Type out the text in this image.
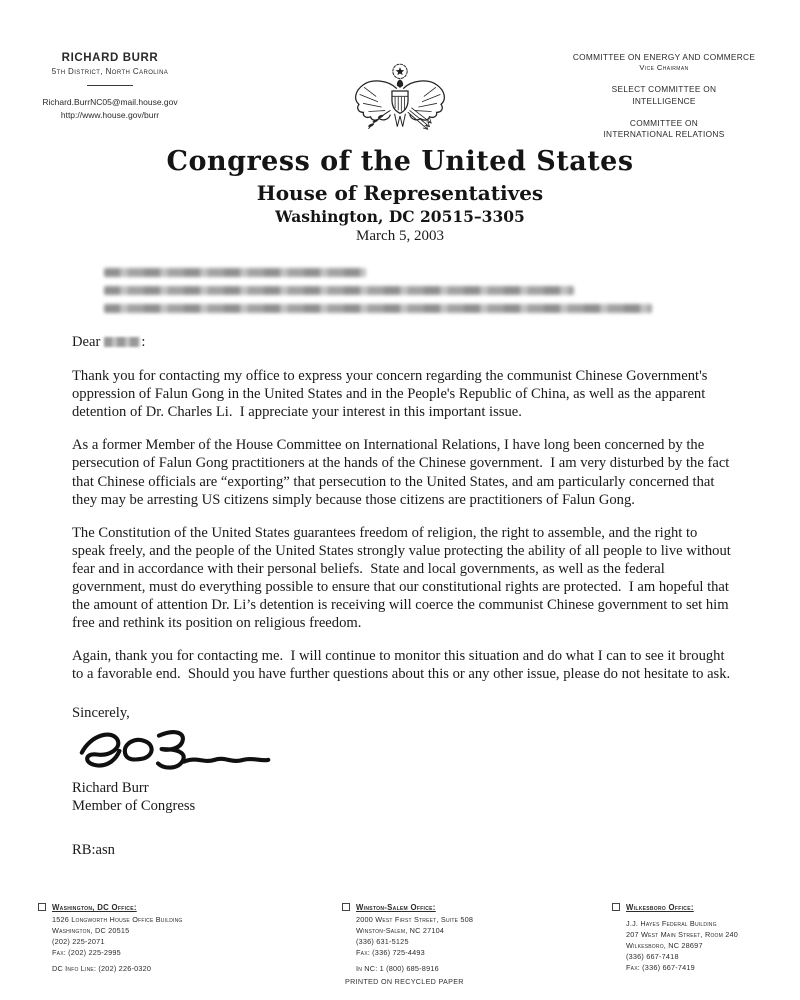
RICHARD BURR
5th District, North Carolina
Richard.BurrNC05@mail.house.gov
http://www.house.gov/burr
COMMITTEE ON ENERGY AND COMMERCE
Vice Chairman
SELECT COMMITTEE ON
INTELLIGENCE
COMMITTEE ON
INTERNATIONAL RELATIONS
Congress of the United States
House of Representatives
Washington, DC 20515–3305
March 5, 2003

Dear	:

Thank you for contacting my office to express your concern regarding the communist Chinese Government's oppression of Falun Gong in the United States and in the People's Republic of China, as well as the apparent detention of Dr. Charles Li.  I appreciate your interest in this important issue.

As a former Member of the House Committee on International Relations, I have long been concerned by the persecution of Falun Gong practitioners at the hands of the Chinese government.  I am very disturbed by the fact that Chinese officials are “exporting” that persecution to the United States, and am particularly concerned that they may be arresting US citizens simply because those citizens are practitioners of Falun Gong.

The Constitution of the United States guarantees freedom of religion, the right to assemble, and the right to speak freely, and the people of the United States strongly value protecting the ability of all people to live without fear and in accordance with their personal beliefs.  State and local governments, as well as the federal government, must do everything possible to ensure that our constitutional rights are protected.  I am hopeful that the amount of attention Dr. Li’s detention is receiving will coerce the communist Chinese government to set him free and rethink its position on religious freedom.

Again, thank you for contacting me.  I will continue to monitor this situation and do what I can to see it brought to a favorable end.  Should you have further questions about this or any other issue, please do not hesitate to ask.

Sincerely,

Richard Burr
Member of Congress
RB:asn
Washington, DC Office:
1526 Longworth House Office Building
Washington, DC 20515
(202) 225-2071
Fax: (202) 225-2995
DC Info Line: (202) 226-0320
Winston-Salem Office:
2000 West First Street, Suite 508
Winston-Salem, NC 27104
(336) 631-5125
Fax: (336) 725-4493
In NC: 1 (800) 685-8916
Wilkesboro Office:
J.J. Hayes Federal Building
207 West Main Street, Room 240
Wilkesboro, NC 28697
(336) 667-7418
Fax: (336) 667-7419
PRINTED ON RECYCLED PAPER
